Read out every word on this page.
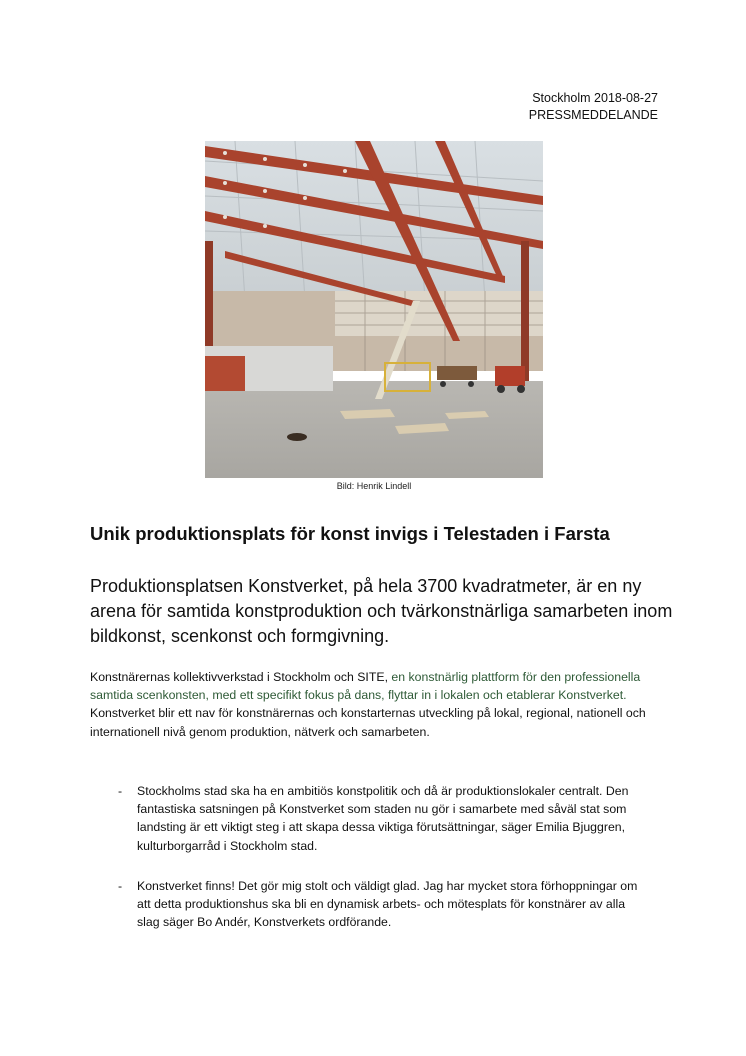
Stockholm 2018-08-27
PRESSMEDDELANDE
Bild: Henrik Lindell
Unik produktionsplats för konst invigs i Telestaden i Farsta

Produktionsplatsen Konstverket, på hela 3700 kvadratmeter, är en ny arena för samtida konstproduktion och tvärkonstnärliga samarbeten inom bildkonst, scenkonst och formgivning.

Konstnärernas kollektivverkstad i Stockholm och SITE, en konstnärlig plattform för den professionella samtida scenkonsten, med ett specifikt fokus på dans, flyttar in i lokalen och etablerar Konstverket. Konstverket blir ett nav för konstnärernas och konstarternas utveckling på lokal, regional, nationell och internationell nivå genom produktion, nätverk och samarbeten.

-	Stockholms stad ska ha en ambitiös konstpolitik och då är produktionslokaler centralt. Den fantastiska satsningen på Konstverket som staden nu gör i samarbete med såväl stat som landsting är ett viktigt steg i att skapa dessa viktiga förutsättningar, säger Emilia Bjuggren, kulturborgarråd i Stockholm stad.

-	Konstverket finns! Det gör mig stolt och väldigt glad. Jag har mycket stora förhoppningar om att detta produktionshus ska bli en dynamisk arbets- och mötesplats för konstnärer av alla slag säger Bo Andér, Konstverkets ordförande.
